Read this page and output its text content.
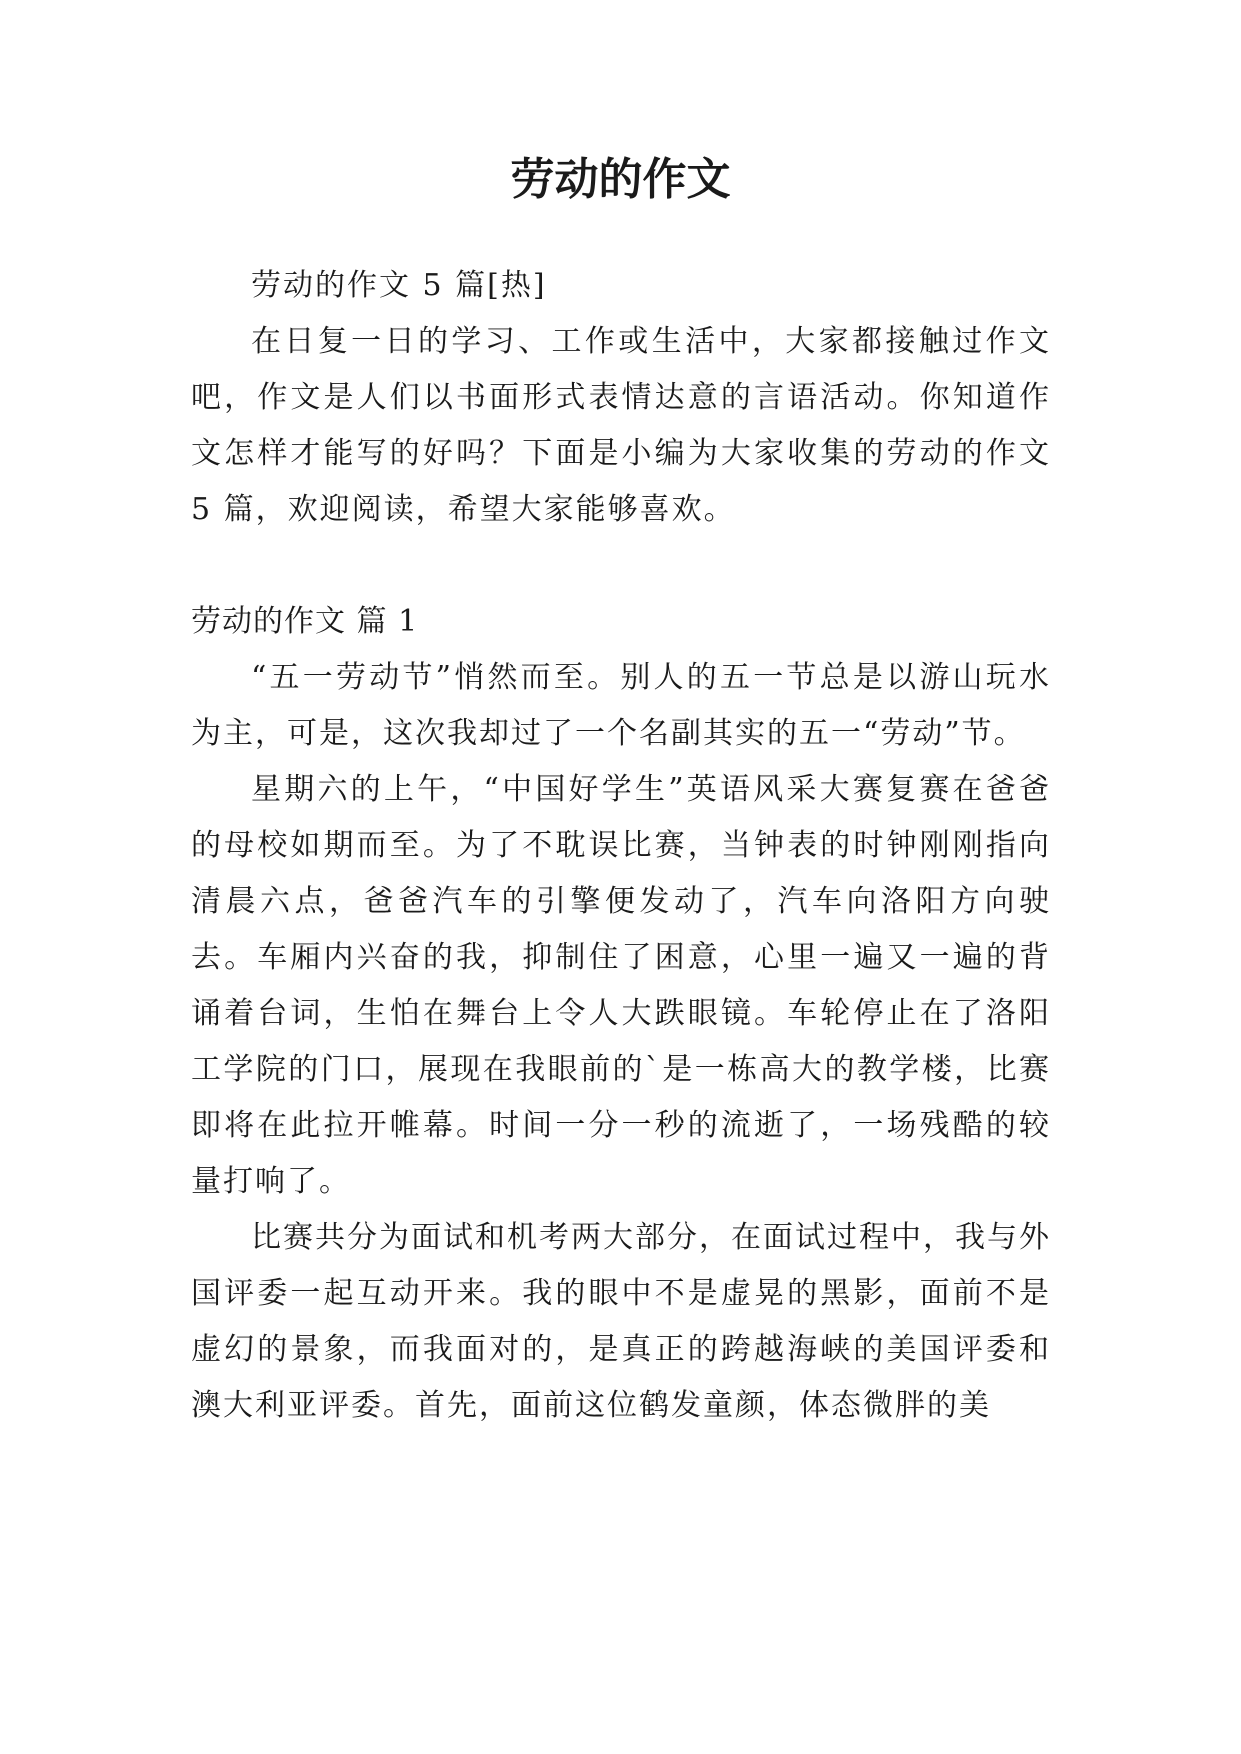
劳动的作文

劳动的作文 5 篇[热]

在日复一日的学习、工作或生活中，大家都接触过作文吧，作文是人们以书面形式表情达意的言语活动。你知道作文怎样才能写的好吗？下面是小编为大家收集的劳动的作文 5 篇，欢迎阅读，希望大家能够喜欢。

劳动的作文 篇 1

“五一劳动节”悄然而至。别人的五一节总是以游山玩水为主，可是，这次我却过了一个名副其实的五一“劳动”节。

星期六的上午，“中国好学生”英语风采大赛复赛在爸爸的母校如期而至。为了不耽误比赛，当钟表的时钟刚刚指向清晨六点，爸爸汽车的引擎便发动了，汽车向洛阳方向驶去。车厢内兴奋的我，抑制住了困意，心里一遍又一遍的背诵着台词，生怕在舞台上令人大跌眼镜。车轮停止在了洛阳工学院的门口，展现在我眼前的`是一栋高大的教学楼，比赛即将在此拉开帷幕。时间一分一秒的流逝了，一场残酷的较量打响了。

比赛共分为面试和机考两大部分，在面试过程中，我与外国评委一起互动开来。我的眼中不是虚晃的黑影，面前不是虚幻的景象，而我面对的，是真正的跨越海峡的美国评委和澳大利亚评委。首先，面前这位鹤发童颜，体态微胖的美
